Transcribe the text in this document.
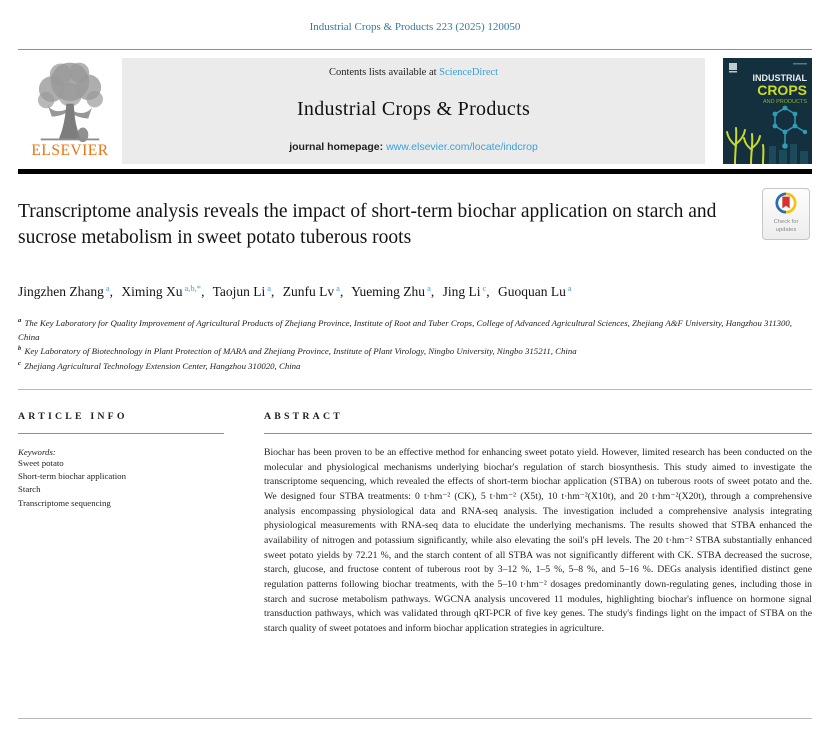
Industrial Crops & Products 223 (2025) 120050
ELSEVIER
Contents lists available at ScienceDirect
Industrial Crops & Products
journal homepage: www.elsevier.com/locate/indcrop
INDUSTRIAL
CROPS
AND PRODUCTS
Transcriptome analysis reveals the impact of short-term biochar application on starch and sucrose metabolism in sweet potato tuberous roots
Check for
updates
Jingzhen Zhang $^a$, Ximing Xu $^{a,b,*}$, Taojun Li $^a$, Zunfu Lv $^a$, Yueming Zhu $^a$, Jing Li $^c$, Guoquan Lu $^a$
$^a$ The Key Laboratory for Quality Improvement of Agricultural Products of Zhejiang Province, Institute of Root and Tuber Crops, College of Advanced Agricultural Sciences, Zhejiang A&F University, Hangzhou 311300, China
$^b$ Key Laboratory of Biotechnology in Plant Protection of MARA and Zhejiang Province, Institute of Plant Virology, Ningbo University, Ningbo 315211, China
$^c$ Zhejiang Agricultural Technology Extension Center, Hangzhou 310020, China
ARTICLE INFO
Keywords:
Sweet potato
Short-term biochar application
Starch
Transcriptome sequencing
ABSTRACT

Biochar has been proven to be an effective method for enhancing sweet potato yield. However, limited research has been conducted on the molecular and physiological mechanisms underlying biochar's regulation of starch biosynthesis. This study aimed to investigate the transcriptome sequencing, which revealed the effects of short-term biochar application (STBA) on tuberous roots of sweet potato and the. We designed four STBA treatments: 0 t·hm⁻² (CK), 5 t·hm⁻² (X5t), 10 t·hm⁻²(X10t), and 20 t·hm⁻²(X20t), through a comprehensive analysis encompassing physiological data and RNA-seq analysis. The investigation included a comprehensive analysis integrating physiological measurements with RNA-seq data to elucidate the underlying mechanisms. The results showed that STBA enhanced the availability of nitrogen and potassium significantly, while also elevating the soil's pH levels. The 20 t·hm⁻² STBA substantially enhanced sweet potato yields by 72.21 %, and the starch content of all STBA was not significantly different with CK. STBA decreased the sucrose, starch, glucose, and fructose content of tuberous root by 3–12 %, 1–5 %, 5–8 %, and 5–16 %. DEGs analysis identified distinct gene regulation patterns following biochar treatments, with the 5–10 t·hm⁻² dosages predominantly down-regulating genes, including those in starch and sucrose metabolism pathways. WGCNA analysis uncovered 11 modules, highlighting biochar's influence on hormone signal transduction pathways, which was validated through qRT-PCR of five key genes. The study's findings light on the impact of STBA on the starch quality of sweet potatoes and inform biochar application strategies in agriculture.
